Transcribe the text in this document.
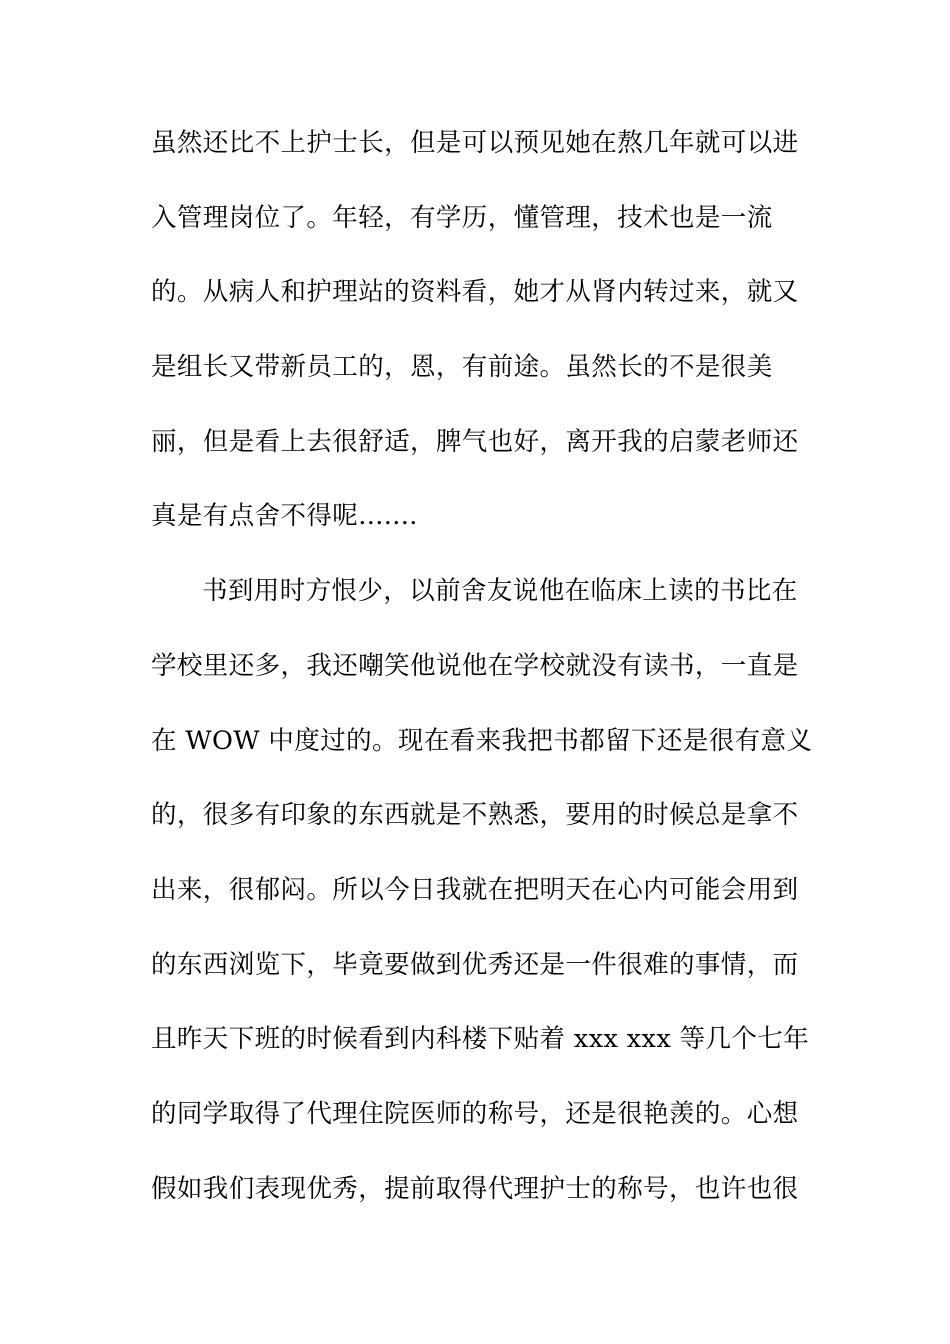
虽然还比不上护士长，但是可以预见她在熬几年就可以进
入管理岗位了。年轻，有学历，懂管理，技术也是一流
的。从病人和护理站的资料看，她才从肾内转过来，就又
是组长又带新员工的，恩，有前途。虽然长的不是很美
丽，但是看上去很舒适，脾气也好，离开我的启蒙老师还
真是有点舍不得呢.......
书到用时方恨少，以前舍友说他在临床上读的书比在
学校里还多，我还嘲笑他说他在学校就没有读书，一直是
在 WOW 中度过的。现在看来我把书都留下还是很有意义
的，很多有印象的东西就是不熟悉，要用的时候总是拿不
出来，很郁闷。所以今日我就在把明天在心内可能会用到
的东西浏览下，毕竟要做到优秀还是一件很难的事情，而
且昨天下班的时候看到内科楼下贴着 xxx xxx 等几个七年
的同学取得了代理住院医师的称号，还是很艳羡的。心想
假如我们表现优秀，提前取得代理护士的称号，也许也很
